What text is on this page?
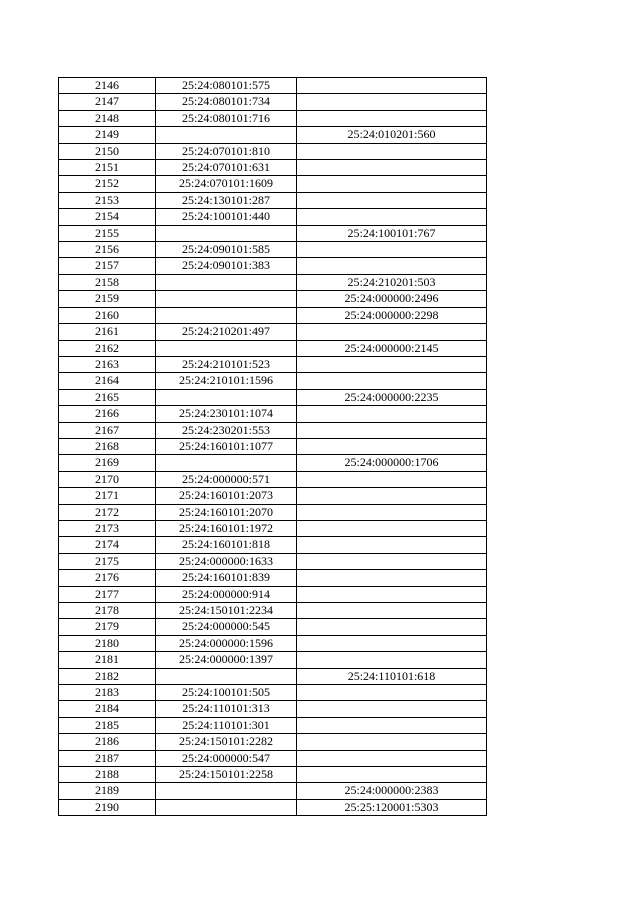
2146	25:24:080101:575	
2147	25:24:080101:734	
2148	25:24:080101:716	
2149		25:24:010201:560
2150	25:24:070101:810	
2151	25:24:070101:631	
2152	25:24:070101:1609	
2153	25:24:130101:287	
2154	25:24:100101:440	
2155		25:24:100101:767
2156	25:24:090101:585	
2157	25:24:090101:383	
2158		25:24:210201:503
2159		25:24:000000:2496
2160		25:24:000000:2298
2161	25:24:210201:497	
2162		25:24:000000:2145
2163	25:24:210101:523	
2164	25:24:210101:1596	
2165		25:24:000000:2235
2166	25:24:230101:1074	
2167	25:24:230201:553	
2168	25:24:160101:1077	
2169		25:24:000000:1706
2170	25:24:000000:571	
2171	25:24:160101:2073	
2172	25:24:160101:2070	
2173	25:24:160101:1972	
2174	25:24:160101:818	
2175	25:24:000000:1633	
2176	25:24:160101:839	
2177	25:24:000000:914	
2178	25:24:150101:2234	
2179	25:24:000000:545	
2180	25:24:000000:1596	
2181	25:24:000000:1397	
2182		25:24:110101:618
2183	25:24:100101:505	
2184	25:24:110101:313	
2185	25:24:110101:301	
2186	25:24:150101:2282	
2187	25:24:000000:547	
2188	25:24:150101:2258	
2189		25:24:000000:2383
2190		25:25:120001:5303
